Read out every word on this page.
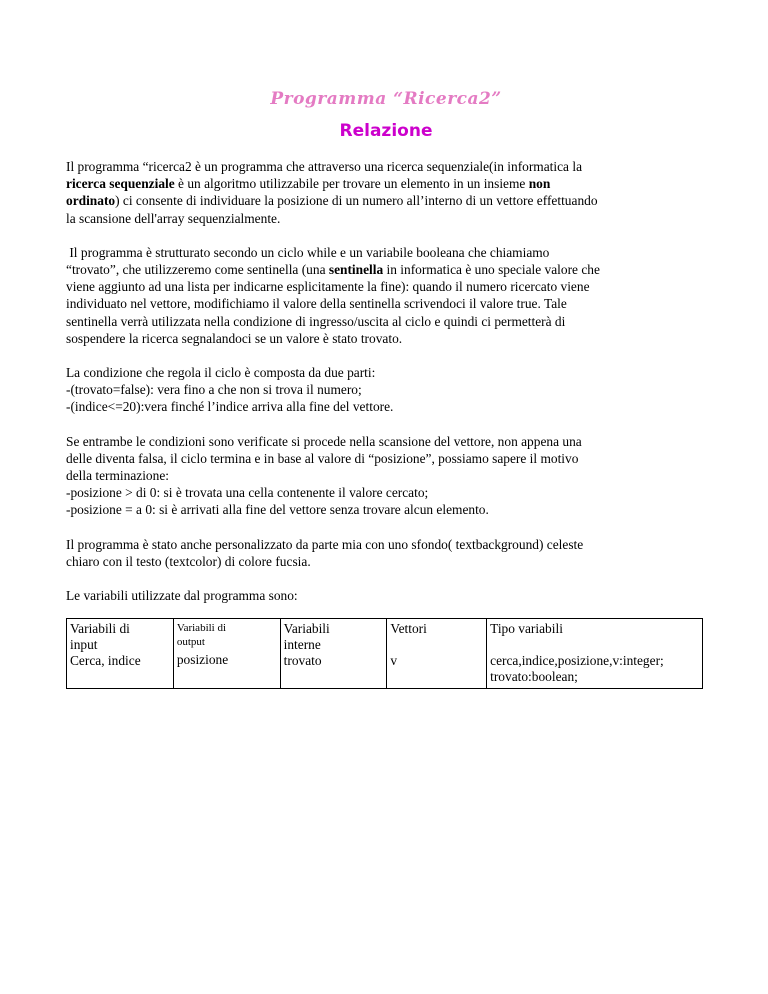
Programma “Ricerca2”
Relazione

Il programma “ricerca2 è un programma che attraverso una ricerca sequenziale(in informatica la
ricerca sequenziale è un algoritmo utilizzabile per trovare un elemento in un insieme non
ordinato) ci consente di individuare la posizione di un numero all’interno di un vettore effettuando
la scansione dell'array sequenzialmente.

Il programma è strutturato secondo un ciclo while e un variabile booleana che chiamiamo
“trovato”, che utilizzeremo come sentinella (una sentinella in informatica è uno speciale valore che
viene aggiunto ad una lista per indicarne esplicitamente la fine): quando il numero ricercato viene
individuato nel vettore, modifichiamo il valore della sentinella scrivendoci il valore true. Tale
sentinella verrà utilizzata nella condizione di ingresso/uscita al ciclo e quindi ci permetterà di
sospendere la ricerca segnalandoci se un valore è stato trovato.

La condizione che regola il ciclo è composta da due parti:
-(trovato=false): vera fino a che non si trova il numero;
-(indice<=20):vera finché l’indice arriva alla fine del vettore.

Se entrambe le condizioni sono verificate si procede nella scansione del vettore, non appena una
delle diventa falsa, il ciclo termina e in base al valore di “posizione”, possiamo sapere il motivo
della terminazione:
-posizione > di 0: si è trovata una cella contenente il valore cercato;
-posizione = a 0: si è arrivati alla fine del vettore senza trovare alcun elemento.

Il programma è stato anche personalizzato da parte mia con uno sfondo( textbackground) celeste
chiaro con il testo (textcolor) di colore fucsia.

Le variabili utilizzate dal programma sono:

Variabili di
input
Cerca, indice

Variabili di
output
posizione

Variabili
interne
trovato

Vettori
v

Tipo variabili
cerca,indice,posizione,v:integer;
trovato:boolean;
